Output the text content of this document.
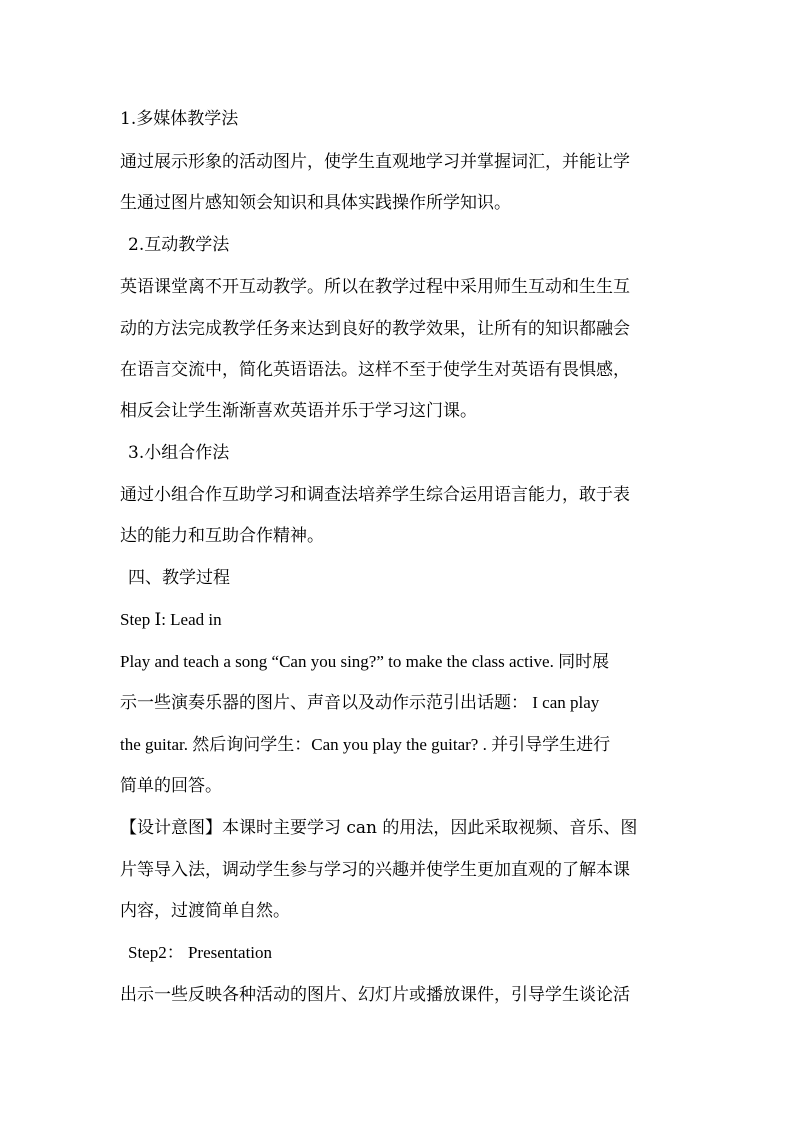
1.多媒体教学法
通过展示形象的活动图片，使学生直观地学习并掌握词汇，并能让学
生通过图片感知领会知识和具体实践操作所学知识。
2.互动教学法
英语课堂离不开互动教学。所以在教学过程中采用师生互动和生生互
动的方法完成教学任务来达到良好的教学效果，让所有的知识都融会
在语言交流中，简化英语语法。这样不至于使学生对英语有畏惧感，
相反会让学生渐渐喜欢英语并乐于学习这门课。
3.小组合作法
通过小组合作互助学习和调查法培养学生综合运用语言能力，敢于表
达的能力和互助合作精神。
四、教学过程
Step Ⅰ: Lead in
Play and teach a song “Can you sing?” to make the class active. 同时展
示一些演奏乐器的图片、声音以及动作示范引出话题： I can play
the guitar. 然后询问学生：Can you play the guitar? . 并引导学生进行
简单的回答。
【设计意图】本课时主要学习 can 的用法，因此采取视频、音乐、图
片等导入法，调动学生参与学习的兴趣并使学生更加直观的了解本课
内容，过渡简单自然。
Step2： Presentation
出示一些反映各种活动的图片、幻灯片或播放课件，引导学生谈论活
